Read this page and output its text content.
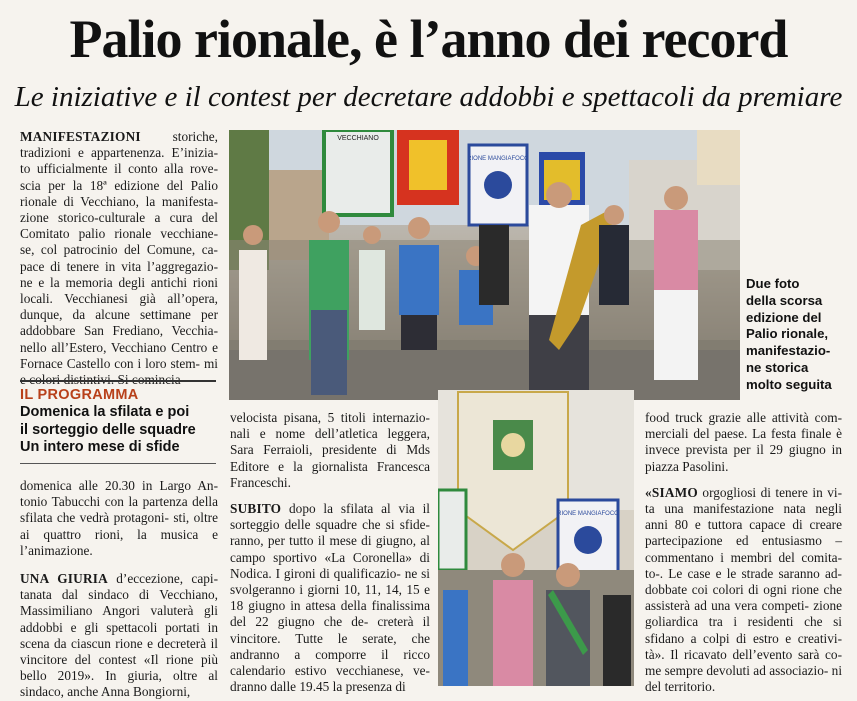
Palio rionale, è l’anno dei record
Le iniziative e il contest per decretare addobbi e spettacoli da premiare

MANIFESTAZIONI storiche, tradizioni e appartenenza. E’inizia- to ufficialmente il conto alla rove- scia per la 18ª edizione del Palio rionale di Vecchiano, la manifesta- zione storico-culturale a cura del Comitato palio rionale vecchiane- se, col patrocinio del Comune, ca- pace di tenere in vita l’aggregazio- ne e la memoria degli antichi rioni locali. Vecchianesi già all’opera, dunque, da alcune settimane per addobbare San Frediano, Vecchia- nello all’Estero, Vecchiano Centro e Fornace Castello con i loro stem- mi e colori distintivi. Si comincia

IL PROGRAMMA
Domenica la sfilata e poi
il sorteggio delle squadre
Un intero mese di sfide

domenica alle 20.30 in Largo An- tonio Tabucchi con la partenza della sfilata che vedrà protagoni- sti, oltre ai quattro rioni, la musica e l’animazione.

UNA GIURIA d’eccezione, capi- tanata dal sindaco di Vecchiano, Massimiliano Angori valuterà gli addobbi e gli spettacoli portati in scena da ciascun rione e decreterà il vincitore del contest «Il rione più bello 2019». In giuria, oltre al sindaco, anche Anna Bongiorni,

VECCHIANO
RIONE MANGIAFOCO
Due foto
della scorsa
edizione del
Palio rionale,
manifestazio-
ne storica
molto seguita

velocista pisana, 5 titoli internazio- nali e nome dell’atletica leggera, Sara Ferraioli, presidente di Mds Editore e la giornalista Francesca Franceschi.

SUBITO dopo la sfilata al via il sorteggio delle squadre che si sfide- ranno, per tutto il mese di giugno, al campo sportivo «La Coronella» di Nodica. I gironi di qualificazio- ne si svolgeranno i giorni 10, 11, 14, 15 e 18 giugno in attesa della finalissima del 22 giugno che de- creterà il vincitore. Tutte le serate, che andranno a comporre il ricco calendario estivo vecchianese, ve- dranno dalle 19.45 la presenza di

RIONE MANGIAFOCO

food truck grazie alle attività com- merciali del paese. La festa finale è invece prevista per il 29 giugno in piazza Pasolini.

«SIAMO orgogliosi di tenere in vi- ta una manifestazione nata negli anni 80 e tuttora capace di creare partecipazione ed entusiasmo – commentano i membri del comita- to-. Le case e le strade saranno ad- dobbate coi colori di ogni rione che assisterà ad una vera competi- zione goliardica tra i residenti che si sfidano a colpi di estro e creativi- tà». Il ricavato dell’evento sarà co- me sempre devoluti ad associazio- ni del territorio.
